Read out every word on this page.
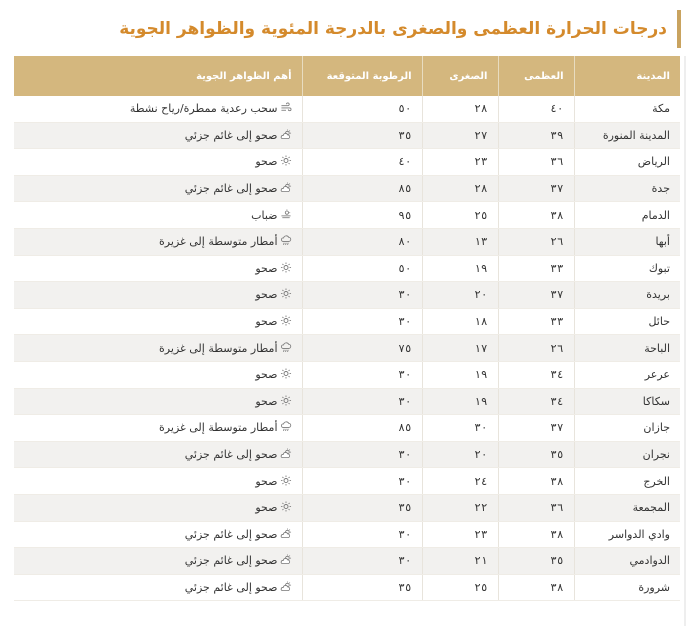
درجات الحرارة العظمى والصغرى بالدرجة المئوية والظواهر الجوية
المدينة	العظمى	الصغرى	الرطوبة المتوقعة	أهم الظواهر الجوية
مكة	٤٠	٢٨	٥٠	سحب رعدية ممطرة/رياح نشطة
المدينة المنورة	٣٩	٢٧	٣٥	صحو إلى غائم جزئي
الرياض	٣٦	٢٣	٤٠	صحو
جدة	٣٧	٢٨	٨٥	صحو إلى غائم جزئي
الدمام	٣٨	٢٥	٩٥	ضباب
أبها	٢٦	١٣	٨٠	أمطار متوسطة إلى غزيرة
تبوك	٣٣	١٩	٥٠	صحو
بريدة	٣٧	٢٠	٣٠	صحو
حائل	٣٣	١٨	٣٠	صحو
الباحة	٢٦	١٧	٧٥	أمطار متوسطة إلى غزيرة
عرعر	٣٤	١٩	٣٠	صحو
سكاكا	٣٤	١٩	٣٠	صحو
جازان	٣٧	٣٠	٨٥	أمطار متوسطة إلى غزيرة
نجران	٣٥	٢٠	٣٠	صحو إلى غائم جزئي
الخرج	٣٨	٢٤	٣٠	صحو
المجمعة	٣٦	٢٢	٣٥	صحو
وادي الدواسر	٣٨	٢٣	٣٠	صحو إلى غائم جزئي
الدوادمي	٣٥	٢١	٣٠	صحو إلى غائم جزئي
شرورة	٣٨	٢٥	٣٥	صحو إلى غائم جزئي
